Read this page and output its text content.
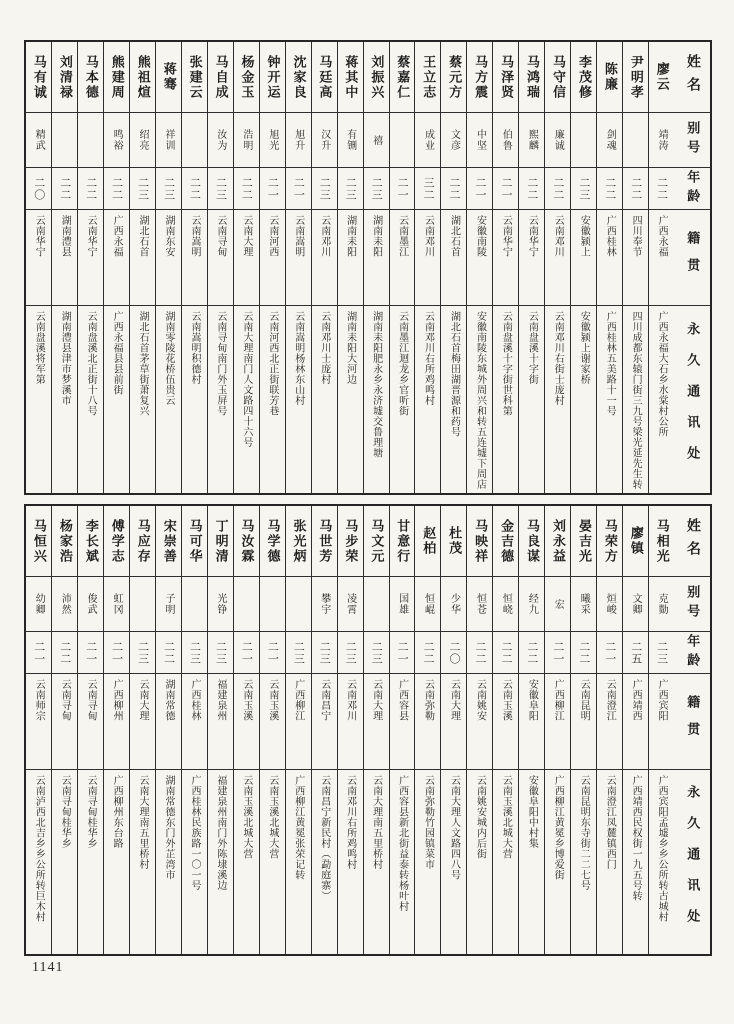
姓名
别号
年龄
籍贯
永久通讯处
廖云
靖涛
二二
广西永福
广西永福大石乡水棠村公所
尹明孝
二二
四川奉节
四川成都东辕门街三九号梁光延先生转
陈廉
剑魂
二二
广西桂林
广西桂林五美路十一号
李茂修
二三
安徽颍上
安徽颍上谢家桥
马守信
廉诚
二二
云南邓川
云南邓川右街士庞村
马鸿瑞
熙麟
二二
云南华宁
云南盘溪十字街
马泽贤
伯鲁
二一
云南华宁
云南盘溪十字街世科第
马方震
中坚
二一
安徽南陵
安徽南陵东城外周兴和转五连墟下周店
蔡元方
文彦
二二
湖北石首
湖北石首梅田湖晋源和药号
王立志
成业
三二
云南邓川
云南邓川右所鸡鸣村
蔡嘉仁
二一
云南墨江
云南墨江迴龙乡官听街
刘振兴
禧
二三
湖南耒阳
湖南耒阳肥永乡永济墟交鲁理塘
蒋其中
有铏
二三
湖南耒阳
湖南耒阳大河边
马廷高
汉升
二三
云南邓川
云南邓川士庞村
沈家良
旭升
二一
云南嵩明
云南嵩明杨林东山村
钟开运
旭光
二一
云南河西
云南河西北正街联芳巷
杨金玉
浩明
二二
云南大理
云南大理南门人文路四十六号
马自成
汝为
二三
云南寻甸
云南寻甸南门外玉屏号
张建云
二二
云南嵩明
云南嵩明积德村
蒋骞
祥训
二三
湖南东安
湖南零陵花桥伍贵云
熊祖煊
绍亮
二三
湖北石首
湖北石首茅草街萧复兴
熊建周
鸣裕
二二
广西永福
广西永福县县前街
马本德
二二
云南华宁
云南盘溪北正街十八号
刘清禄
二二
湖南澧县
湖南澧县津市梦溪市
马有诚
精武
二〇
云南华宁
云南盘溪将军第
姓名
别号
年龄
籍贯
永久通讯处
马相光
克勚
二三
广西宾阳
广西宾阳孟墟乡乡公所转古城村
廖镇
文卿
二五
广西靖西
广西靖西民权街一九五号转
马荣方
烜峻
二一
云南澄江
云南澄江凤麓镇西门
晏吉光
曦采
二二
云南昆明
云南昆明东寺街二二七号
刘永益
宏
二一
广西柳江
广西柳江黄冕乡博爱街
马良谋
经九
二二
安徽阜阳
安徽阜阳中村集
金吉德
恒峣
二二
云南玉溪
云南玉溪北城大营
马映祥
恒苍
二二
云南姚安
云南姚安城内后街
杜茂
少华
二〇
云南大理
云南大理人文路四八号
赵柏
恒崐
二二
云南弥勒
云南弥勒竹园镇菜市
甘意行
国雄
二一
广西容县
广西容县新北街益泰转杨叶村
马文元
二三
云南大理
云南大理南五里桥村
马步荣
凌霄
二三
云南邓川
云南邓川右所鸡鸣村
马世芳
攀宇
二三
云南昌宁
云南昌宁新民村（勐庭寨）
张光炳
二三
广西柳江
广西柳江黄冕张荣记转
马学德
二一
云南玉溪
云南玉溪北城大营
马汝霖
二一
云南玉溪
云南玉溪北城大营
丁明清
光铮
二三
福建泉州
福建泉州南门外陈埭溪边
马可华
二三
广西桂林
广西桂林民族路一〇一号
宋崇善
子明
二二
湖南常德
湖南常德东门外芷湾市
马应存
二三
云南大理
云南大理南五里桥村
傅学志
虹冈
二一
广西柳州
广西柳州东台路
李长斌
俊武
二一
云南寻甸
云南寻甸桂华乡
杨家浩
沛然
二二
云南寻甸
云南寻甸桂华乡
马恒兴
幼卿
二一
云南师宗
云南泸西北吉乡乡公所转巨木村
1141
